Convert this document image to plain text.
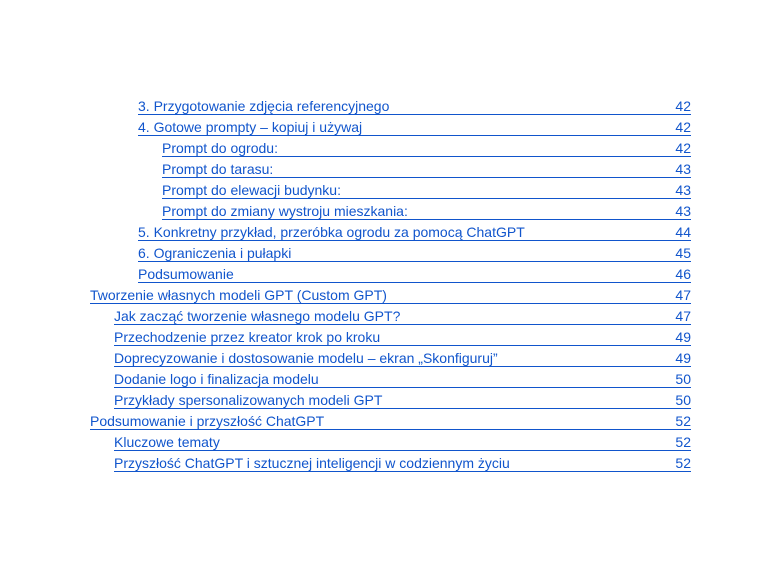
3. Przygotowanie zdjęcia referencyjnego	42
4. Gotowe prompty – kopiuj i używaj	42
Prompt do ogrodu:	42
Prompt do tarasu:	43
Prompt do elewacji budynku:	43
Prompt do zmiany wystroju mieszkania:	43
5. Konkretny przykład, przeróbka ogrodu za pomocą ChatGPT	44
6. Ograniczenia i pułapki	45
Podsumowanie	46
Tworzenie własnych modeli GPT (Custom GPT)	47
Jak zacząć tworzenie własnego modelu GPT?	47
Przechodzenie przez kreator krok po kroku	49
Doprecyzowanie i dostosowanie modelu – ekran „Skonfiguruj”	49
Dodanie logo i finalizacja modelu	50
Przykłady spersonalizowanych modeli GPT	50
Podsumowanie i przyszłość ChatGPT	52
Kluczowe tematy	52
Przyszłość ChatGPT i sztucznej inteligencji w codziennym życiu	52
